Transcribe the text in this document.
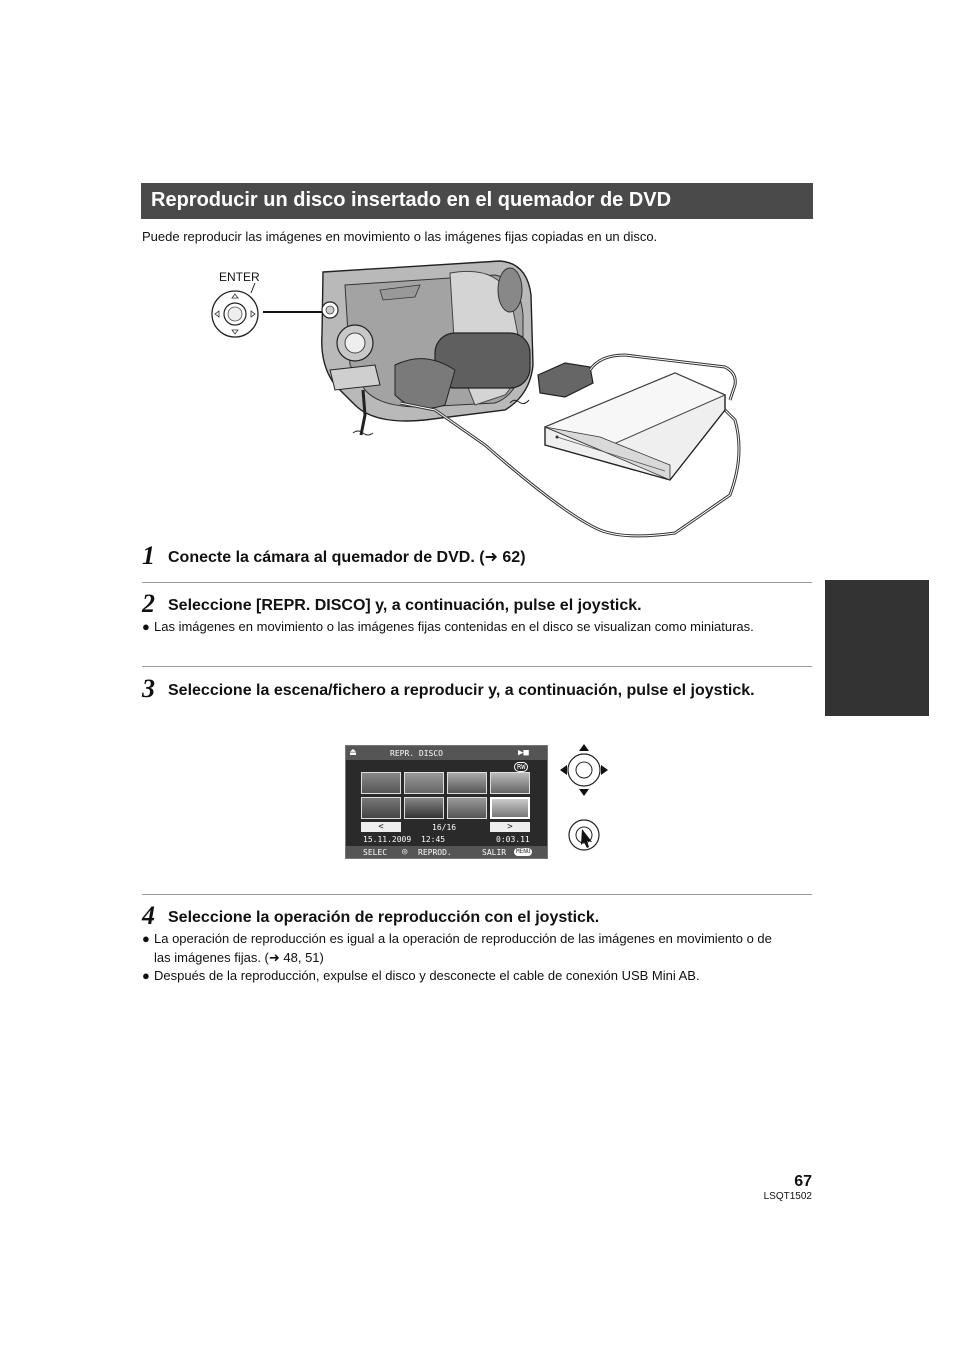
Reproducir un disco insertado en el quemador de DVD
Puede reproducir las imágenes en movimiento o las imágenes fijas copiadas en un disco.
ENTER
1 Conecte la cámara al quemador de DVD. (➜ 62)
2 Seleccione [REPR. DISCO] y, a continuación, pulse el joystick.
● Las imágenes en movimiento o las imágenes fijas contenidas en el disco se visualizan como miniaturas.
3 Seleccione la escena/fichero a reproducir y, a continuación, pulse el joystick.
⏏	REPR. DISCO	▶■
RW
<	16/16	>
15.11.2009 12:45	0:03.11
SELEC ◎ REPROD.	SALIR	MENU
4 Seleccione la operación de reproducción con el joystick.
● La operación de reproducción es igual a la operación de reproducción de las imágenes en movimiento o de las imágenes fijas. (➜ 48, 51)
● Después de la reproducción, expulse el disco y desconecte el cable de conexión USB Mini AB.
67
LSQT1502
